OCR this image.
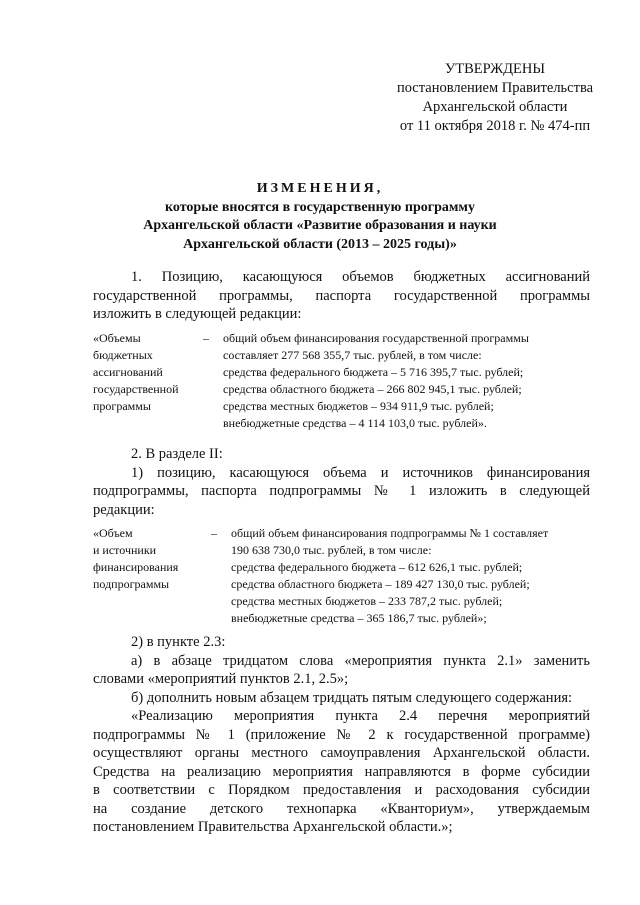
УТВЕРЖДЕНЫ
постановлением Правительства
Архангельской области
от 11 октября 2018 г. № 474-пп
ИЗМЕНЕНИЯ,
которые вносятся в государственную программу
Архангельской области «Развитие образования и науки
Архангельской области (2013 – 2025 годы)»
1. Позицию, касающуюся объемов бюджетных ассигнований
государственной программы, паспорта государственной программы
изложить в следующей редакции:
«Объемы
бюджетных
ассигнований
государственной
программы
– общий объем финансирования государственной программы
составляет 277 568 355,7 тыс. рублей, в том числе:
средства федерального бюджета – 5 716 395,7 тыс. рублей;
средства областного бюджета – 266 802 945,1 тыс. рублей;
средства местных бюджетов – 934 911,9 тыс. рублей;
внебюджетные средства – 4 114 103,0 тыс. рублей».
2. В разделе II:
1) позицию, касающуюся объема и источников финансирования
подпрограммы, паспорта подпрограммы № 1 изложить в следующей
редакции:
«Объем
и источники
финансирования
подпрограммы
– общий объем финансирования подпрограммы № 1 составляет
190 638 730,0 тыс. рублей, в том числе:
средства федерального бюджета – 612 626,1 тыс. рублей;
средства областного бюджета – 189 427 130,0 тыс. рублей;
средства местных бюджетов – 233 787,2 тыс. рублей;
внебюджетные средства – 365 186,7 тыс. рублей»;
2) в пункте 2.3:
а) в абзаце тридцатом слова «мероприятия пункта 2.1» заменить
словами «мероприятий пунктов 2.1, 2.5»;
б) дополнить новым абзацем тридцать пятым следующего содержания:
«Реализацию мероприятия пункта 2.4 перечня мероприятий
подпрограммы № 1 (приложение № 2 к государственной программе)
осуществляют органы местного самоуправления Архангельской области.
Средства на реализацию мероприятия направляются в форме субсидии
в соответствии с Порядком предоставления и расходования субсидии
на создание детского технопарка «Кванториум», утверждаемым
постановлением Правительства Архангельской области.»;
